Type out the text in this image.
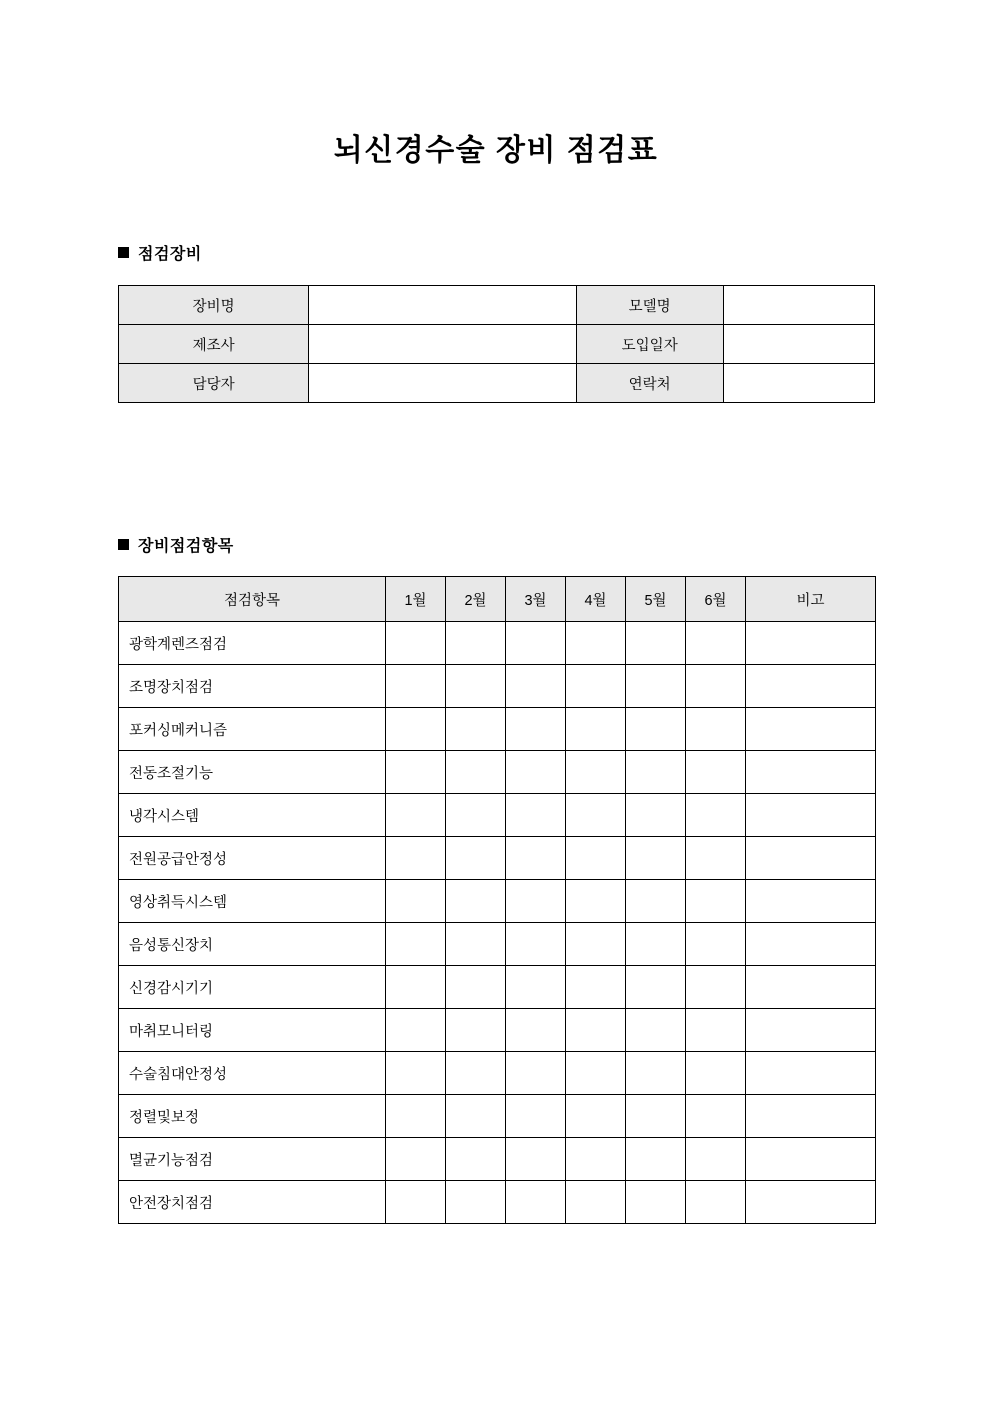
뇌신경수술 장비 점검표
점검장비
장비명		모델명	
제조사		도입일자	
담당자		연락처	
장비점검항목
점검항목	1월	2월	3월	4월	5월	6월	비고
광학계렌즈점검							
조명장치점검							
포커싱메커니즘							
전동조절기능							
냉각시스템							
전원공급안정성							
영상취득시스템							
음성통신장치							
신경감시기기							
마취모니터링							
수술침대안정성							
정렬및보정							
멸균기능점검							
안전장치점검							
